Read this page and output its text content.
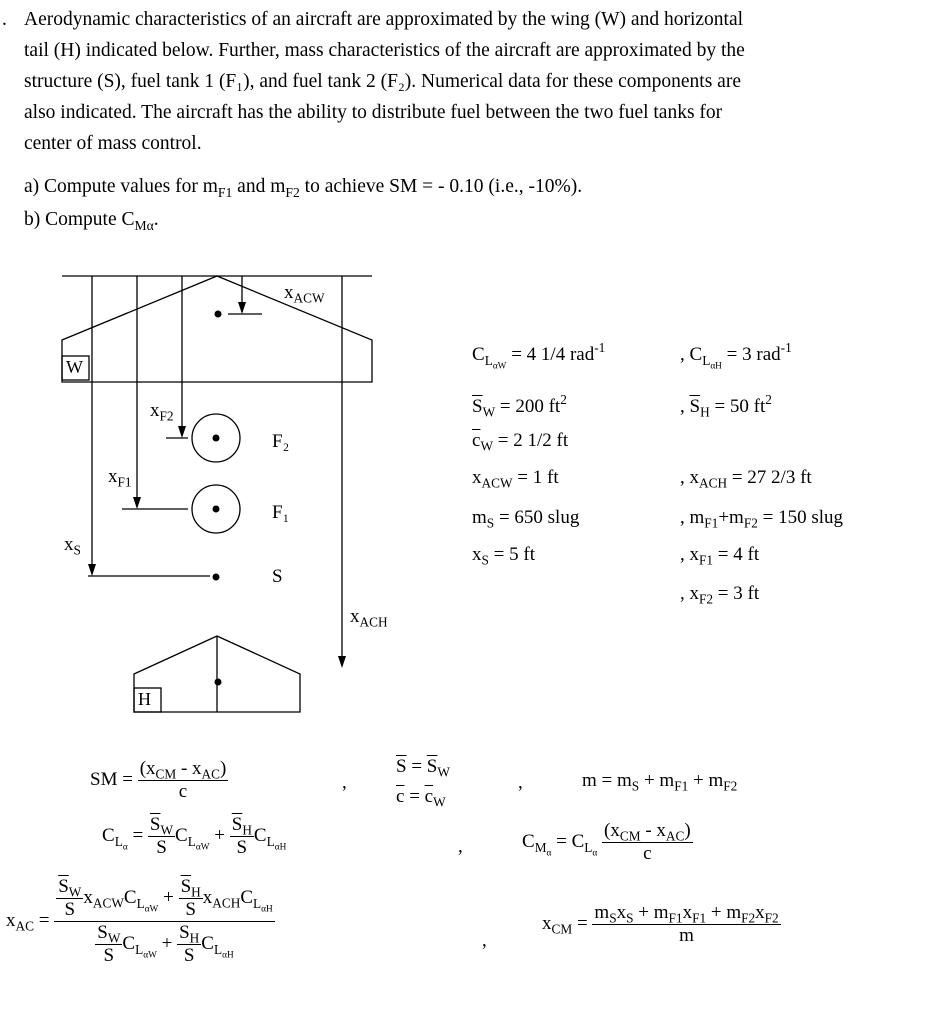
. Aerodynamic characteristics of an aircraft are approximated by the wing (W) and horizontal
tail (H) indicated below. Further, mass characteristics of the aircraft are approximated by the
structure (S), fuel tank 1 (F₁), and fuel tank 2 (F₂). Numerical data for these components are
also indicated. The aircraft has the ability to distribute fuel between the two fuel tanks for
center of mass control.
a) Compute values for $m_{F1}$ and $m_{F2}$ to achieve SM = - 0.10 (i.e., -10%).
b) Compute $C_{M\alpha}$.
W
H
F₂
F₁
S
$x_{ACW}$
$x_{ACH}$
$x_{F1}$
$x_{F2}$
$x_S$
$C_{L_{\alpha W}} = 4$ 1/4 rad$^{-1}$	, $C_{L_{\alpha H}} = 3$ rad$^{-1}$
$\overline{S}_W = 200$ $ft^2$	, $\overline{S}_H = 50$ $ft^2$
$\overline{c}_W = 2$ 1/2 ft
$x_{ACW} = 1$ ft	, $x_{ACH} = 27$ 2/3 ft
$m_S = 650$ slug	, $m_{F1}+m_{F2} = 150$ slug
$x_S = 5$ ft	, $x_{F1} = 4$ ft
, $x_{F2} = 3$ ft
SM = $\frac{(x_{CM} - x_{AC})}{c}$	,
$\overline{S} = \overline{S}_W$
$\overline{c} = \overline{c}_W$
,	$m = m_S + m_{F1} + m_{F2}$
$C_{L_\alpha} = \frac{\overline{S}_W}{S} C_{L_{\alpha W}} + \frac{\overline{S}_H}{S} C_{L_{\alpha H}}$	,	$C_{M_\alpha} = C_{L_\alpha} \frac{(x_{CM} - x_{AC})}{c}$
$x_{AC} = \frac{\frac{\overline{S}_W}{S} x_{ACW}C_{L_{\alpha W}} + \frac{\overline{S}_H}{S} x_{ACH}C_{L_{\alpha H}}}{\frac{\overline{S}_W}{S} C_{L_{\alpha W}} + \frac{\overline{S}_H}{S} C_{L_{\alpha H}}}$	,
$x_{CM} = \frac{m_Sx_S + m_{F1}x_{F1} + m_{F2}x_{F2}}{m}$
